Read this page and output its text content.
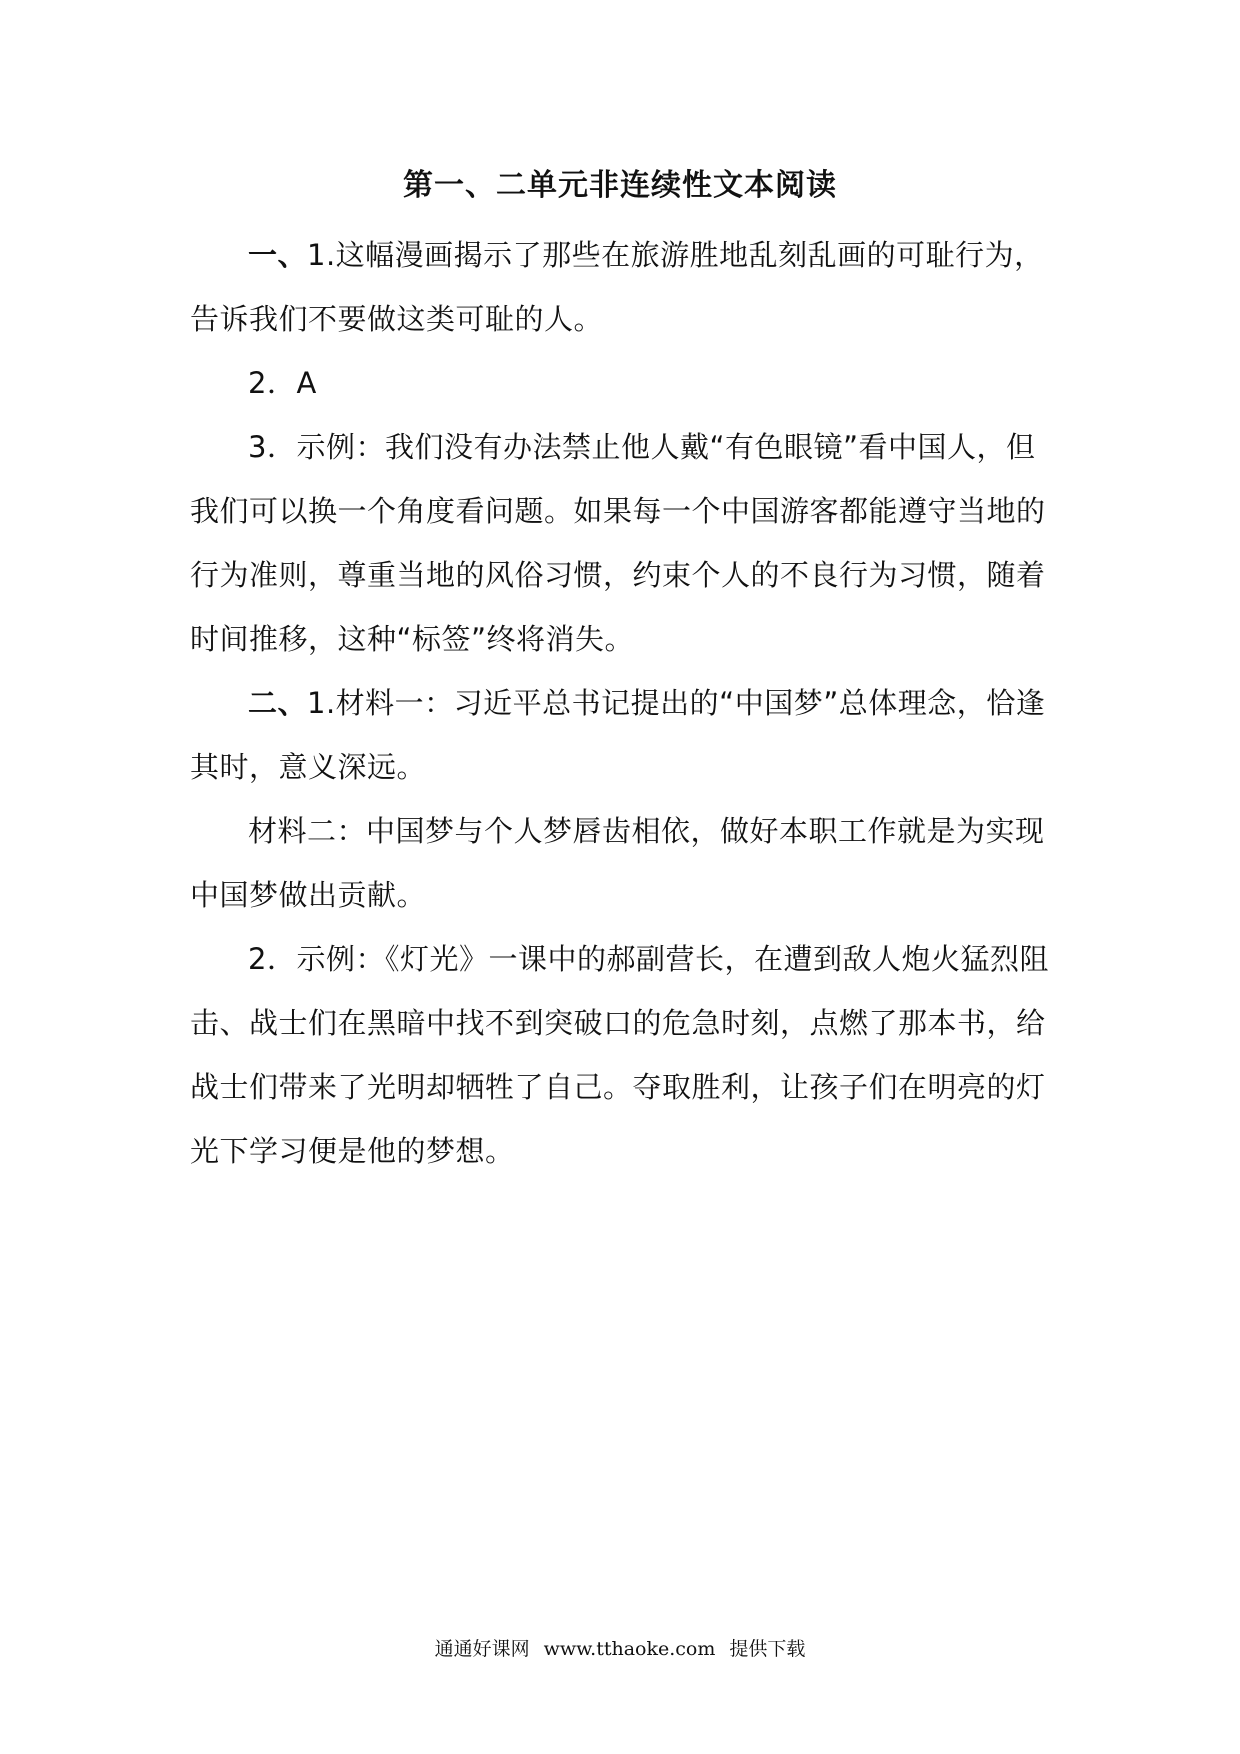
第一、二单元非连续性文本阅读

一、1.这幅漫画揭示了那些在旅游胜地乱刻乱画的可耻行为，告诉我们不要做这类可耻的人。

2．A

3．示例：我们没有办法禁止他人戴“有色眼镜”看中国人，但我们可以换一个角度看问题。如果每一个中国游客都能遵守当地的行为准则，尊重当地的风俗习惯，约束个人的不良行为习惯，随着时间推移，这种“标签”终将消失。

二、1.材料一：习近平总书记提出的“中国梦”总体理念，恰逢其时，意义深远。

材料二：中国梦与个人梦唇齿相依，做好本职工作就是为实现中国梦做出贡献。

2．示例：《灯光》一课中的郝副营长，在遭到敌人炮火猛烈阻击、战士们在黑暗中找不到突破口的危急时刻，点燃了那本书，给战士们带来了光明却牺牲了自己。夺取胜利，让孩子们在明亮的灯光下学习便是他的梦想。

通通好课网 www.tthaoke.com 提供下载
